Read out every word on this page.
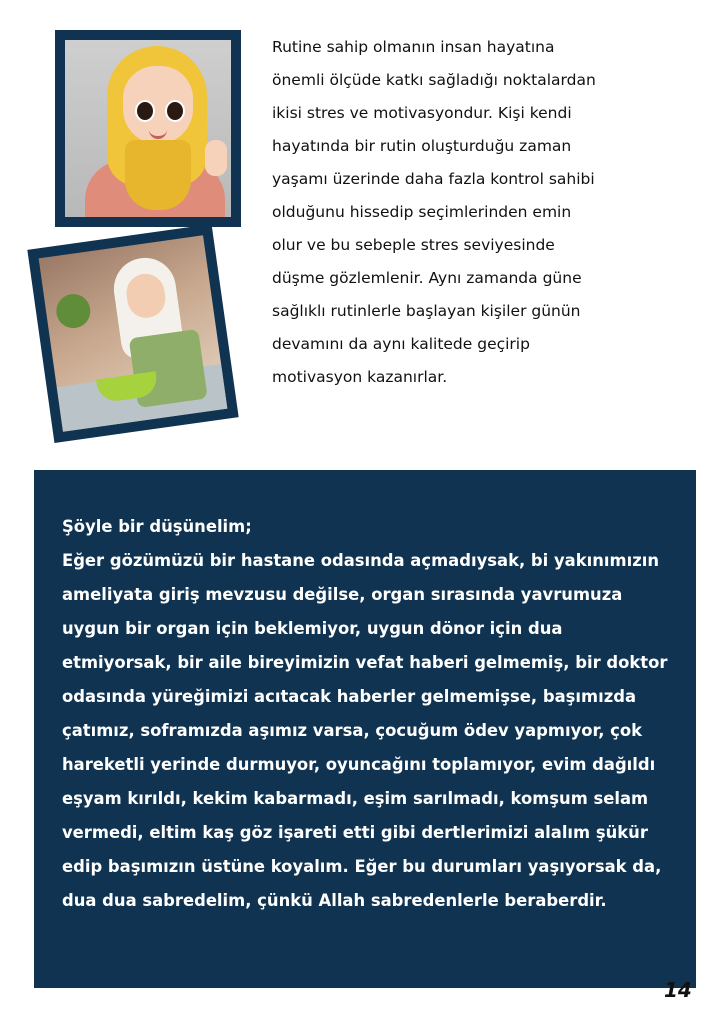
Rutine sahip olmanın insan hayatına önemli ölçüde katkı sağladığı noktalardan ikisi stres ve motivasyondur. Kişi kendi hayatında bir rutin oluşturduğu zaman yaşamı üzerinde daha fazla kontrol sahibi olduğunu hissedip seçimlerinden emin olur ve bu sebeple stres seviyesinde düşme gözlemlenir. Aynı zamanda güne sağlıklı rutinlerle başlayan kişiler günün devamını da aynı kalitede geçirip motivasyon kazanırlar.

Şöyle bir düşünelim;

Eğer gözümüzü bir hastane odasında açmadıysak, bi yakınımızın ameliyata giriş mevzusu değilse, organ sırasında yavrumuza uygun bir organ için beklemiyor, uygun dönor için dua etmiyorsak, bir aile bireyimizin vefat haberi gelmemiş, bir doktor odasında yüreğimizi acıtacak haberler gelmemişse, başımızda çatımız, soframızda aşımız varsa, çocuğum ödev yapmıyor, çok hareketli yerinde durmuyor, oyuncağını toplamıyor, evim dağıldı eşyam kırıldı, kekim kabarmadı, eşim sarılmadı, komşum selam vermedi, eltim kaş göz işareti etti gibi dertlerimizi alalım şükür edip başımızın üstüne koyalım. Eğer bu durumları yaşıyorsak da, dua dua sabredelim, çünkü Allah sabredenlerle beraberdir.

14
